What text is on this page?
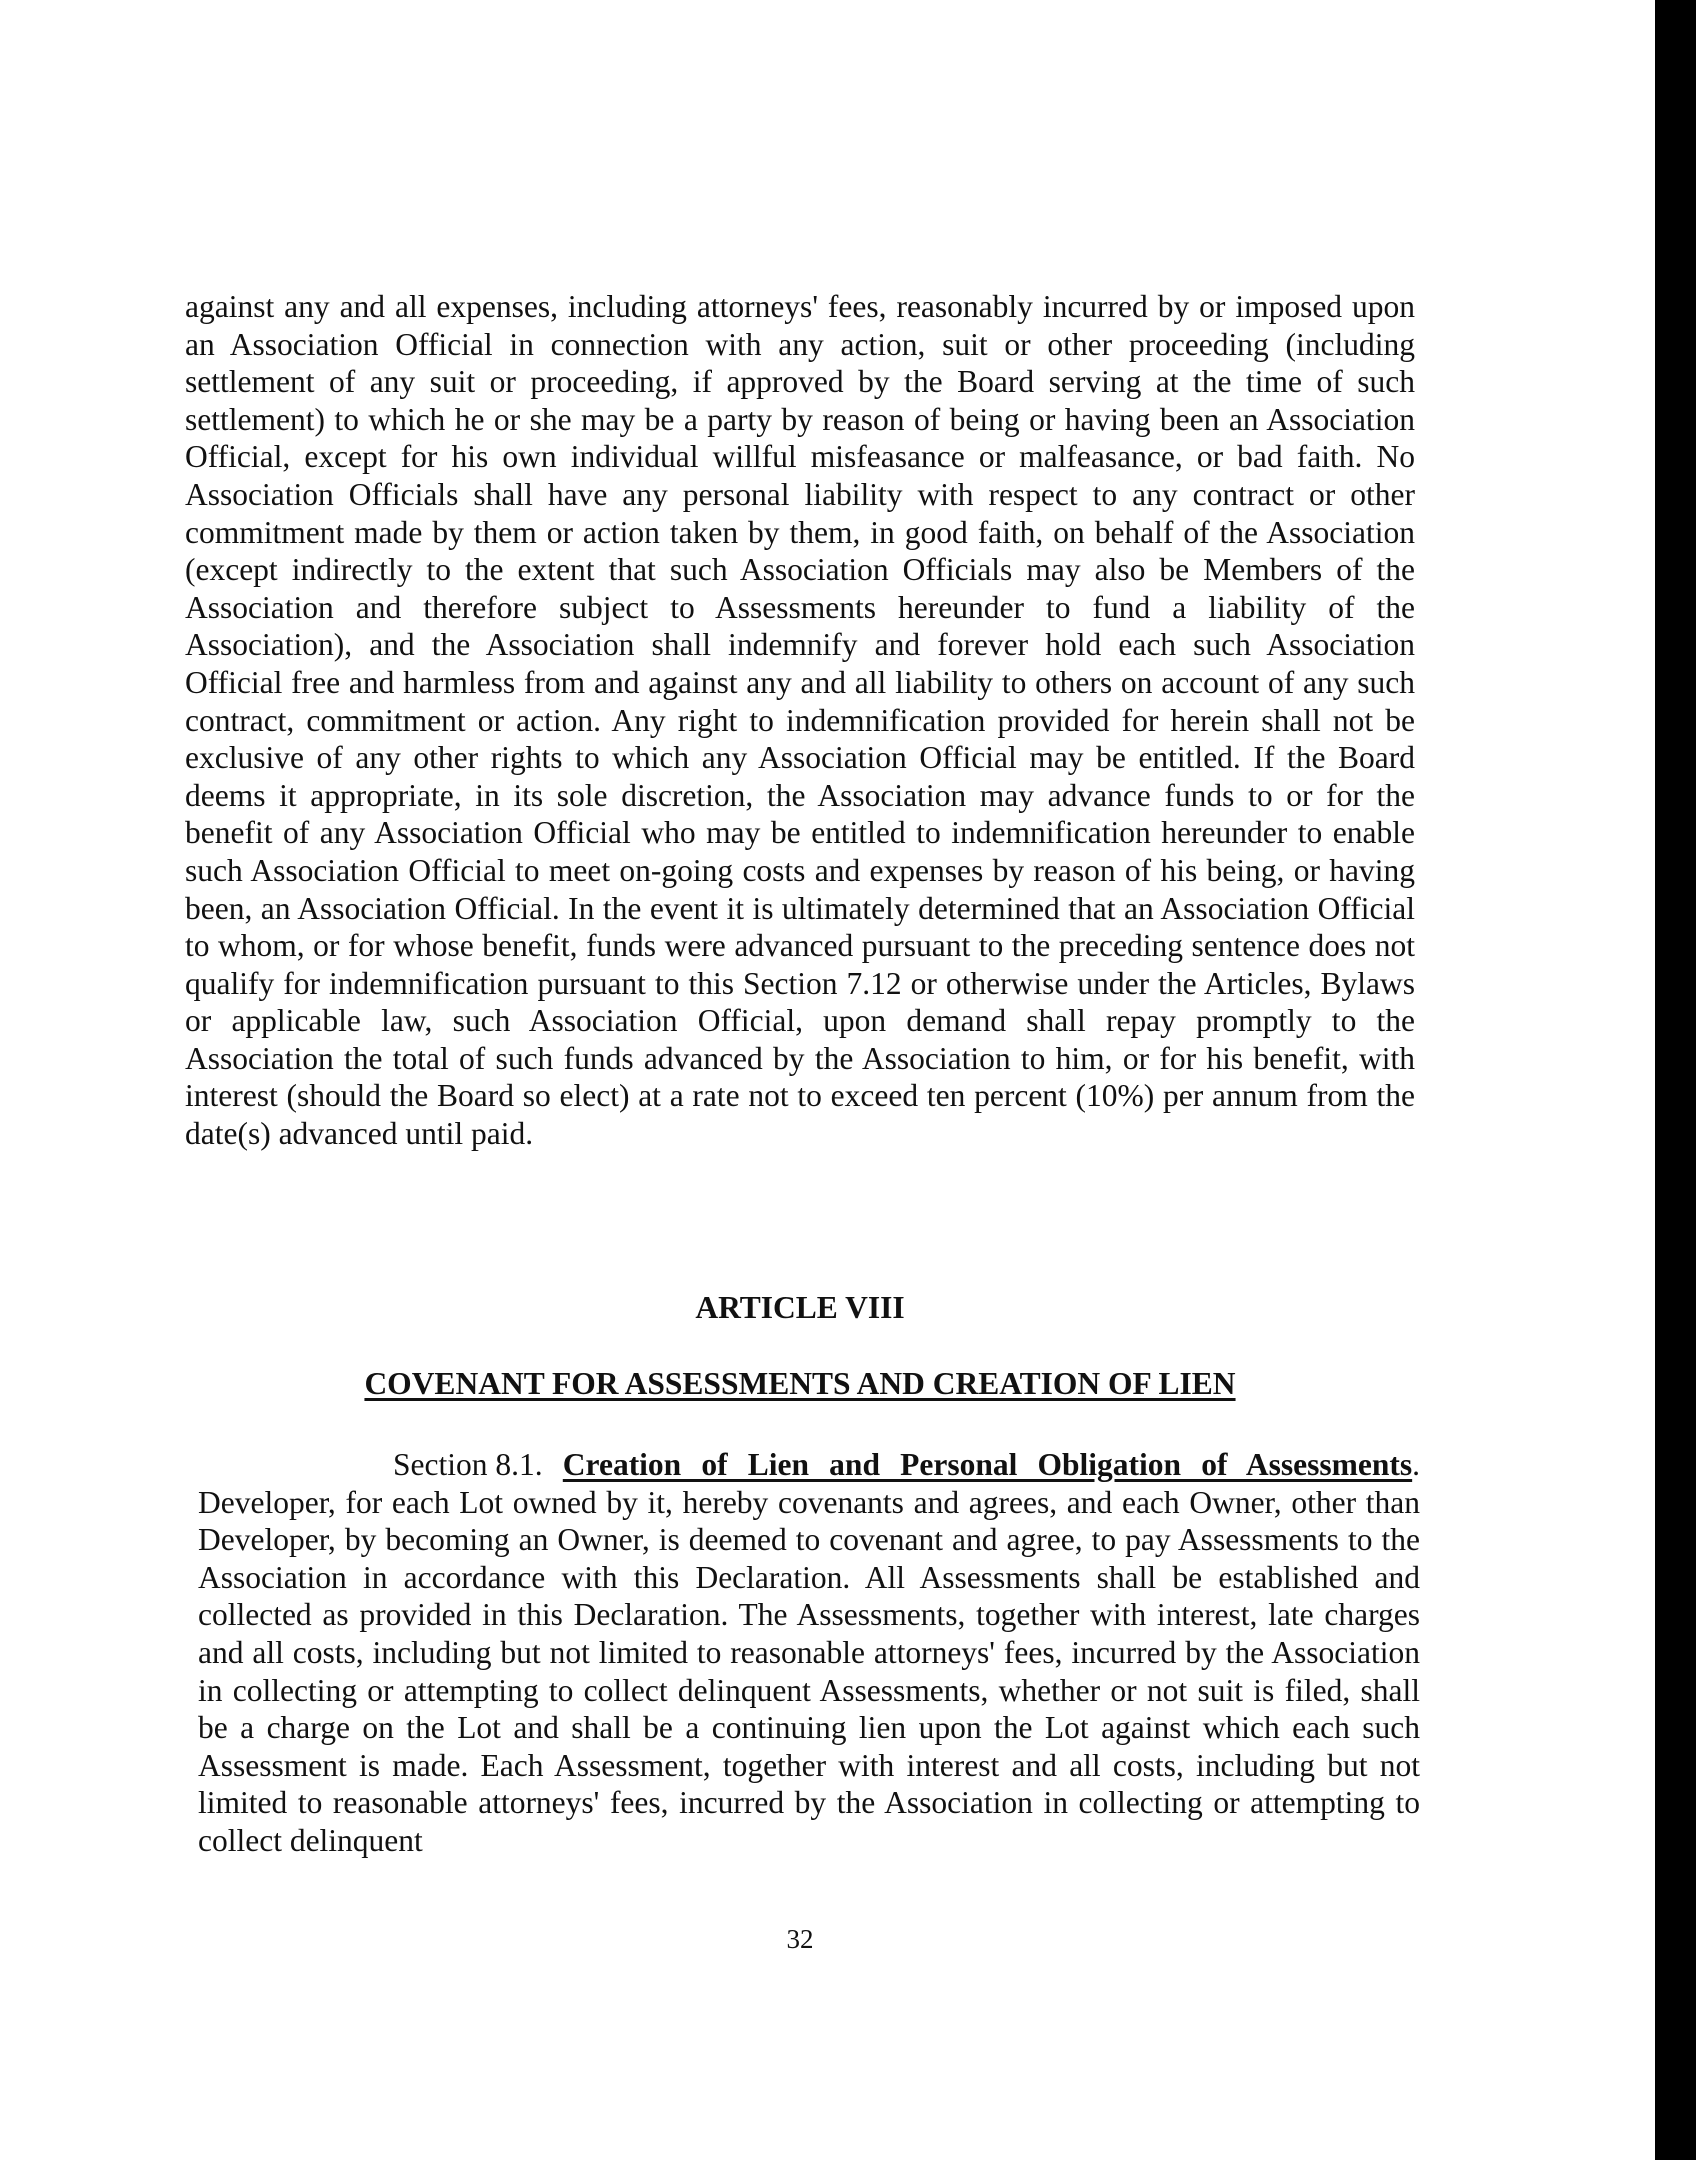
against any and all expenses, including attorneys' fees, reasonably incurred by or imposed upon an Association Official in connection with any action, suit or other proceeding (including settlement of any suit or proceeding, if approved by the Board serving at the time of such settlement) to which he or she may be a party by reason of being or having been an Association Official, except for his own individual willful misfeasance or malfeasance, or bad faith. No Association Officials shall have any personal liability with respect to any contract or other commitment made by them or action taken by them, in good faith, on behalf of the Association (except indirectly to the extent that such Association Officials may also be Members of the Association and therefore subject to Assessments hereunder to fund a liability of the Association), and the Association shall indemnify and forever hold each such Association Official free and harmless from and against any and all liability to others on account of any such contract, commitment or action. Any right to indemnification provided for herein shall not be exclusive of any other rights to which any Association Official may be entitled. If the Board deems it appropriate, in its sole discretion, the Association may advance funds to or for the benefit of any Association Official who may be entitled to indemnification hereunder to enable such Association Official to meet on-going costs and expenses by reason of his being, or having been, an Association Official. In the event it is ultimately determined that an Association Official to whom, or for whose benefit, funds were advanced pursuant to the preceding sentence does not qualify for indemnification pursuant to this Section 7.12 or otherwise under the Articles, Bylaws or applicable law, such Association Official, upon demand shall repay promptly to the Association the total of such funds advanced by the Association to him, or for his benefit, with interest (should the Board so elect) at a rate not to exceed ten percent (10%) per annum from the date(s) advanced until paid.

ARTICLE VIII
COVENANT FOR ASSESSMENTS AND CREATION OF LIEN

Section 8.1. Creation of Lien and Personal Obligation of Assessments. Developer, for each Lot owned by it, hereby covenants and agrees, and each Owner, other than Developer, by becoming an Owner, is deemed to covenant and agree, to pay Assessments to the Association in accordance with this Declaration. All Assessments shall be established and collected as provided in this Declaration. The Assessments, together with interest, late charges and all costs, including but not limited to reasonable attorneys' fees, incurred by the Association in collecting or attempting to collect delinquent Assessments, whether or not suit is filed, shall be a charge on the Lot and shall be a continuing lien upon the Lot against which each such Assessment is made. Each Assessment, together with interest and all costs, including but not limited to reasonable attorneys' fees, incurred by the Association in collecting or attempting to collect delinquent

32
